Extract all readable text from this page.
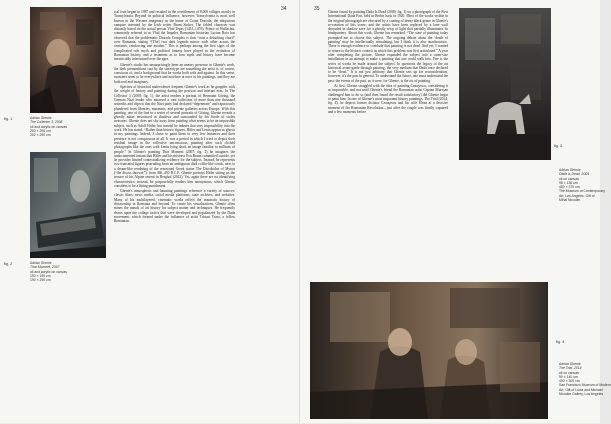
34

ical fruit began in 1987 and resulted in the resettlement of 8,000 villages mostly in Transylvania. Beyond its political influence, however, Transylvania is most well known in the Western imaginary as the home of Count Dracula, the ubiquitous vampire invented by the Irish writer Bram Stoker. The fabled character was distantly based on the actual person Vlad Tepes (1431–1476), Prince of Wallachia, commonly referred to as Vlad the Impaler. Romanian historian Lucian Boia has observed that the problematic Dracula Complex is thus “coin a disturbing chord” over Romania, stating “[The] two dark legends mirror each other across the centuries, reinforcing one another.” This is perhaps among the first signs of the complicated role myth and political fantasy have played in the evolution of Romanian history, and a testament as to how myth and history have become inextricably intertwined over the ages.

Ghenie's studio has unsurprisingly been an uneasy presence in Ghenie's work, the dark premonitions cast by the stereotype are something the artist is, of course, conscious of, and a background that he works both with and against. In this sense, monsters seem to be everywhere and nowhere at once in his paintings, and they are both real and imaginary.

Spectres of historical malevolence frequent Ghenie's work as he grapples with the weight of history and painting during the postwar and internet eras. In The Collector 3 (2008; fig. 1), the artist renders a portrait of Hermann Göring, the German Nazi leader who amassed a vast collection of more than one thousand artworks and objects that the Nazi party had declared “degenerate” and rapaciously plundered from libraries, museums, and private galleries across Europe. With this painting, one of the first in a series of several portraits of Göring, Ghenie reveals a ghostly miser ensconced in shadows and surrounded by his horde of stolen treasures. Ghenie does not shy away from painting what seems to be an impossible subject, such as Adolf Hitler, but instead he imbues that very impossibility into the work. He has stated, “Rather than historic figures, Hitler and Lenin appear as ghosts in my paintings. Indeed, I chose to paint them to very few instances and their presence is not conspicuous at all. It was a period in which I tried to depict their residual image in the collective unconscious, painting after such clichéd photographs like the ones with Lenin lying dead, an image familiar to millions of people.” In Ghenie's painting Thar Moment (2007; fig. 2) he imagines the undocumented instant that Hitler and his mistress Eva Braun committed suicide, yet he provides limited contextualizing evidence for the subject. Instead, he represents two truncated figures protruding from an ambiguous dark coffin-like couch, next to a dream-like rendering of the renowned Greek statue The Discobolus of Myron (“the discus thrower”), from 460–450 B.C.E. Ghenie portrays Hitler sitting on the terrace of his Alpine retreat in Berghof (2012). Yet, again there are no identifying characteristics; instead, he purposefully renders him anonymous, which Ghenie considers to be a fitting punishment.

Ghenie's atmospheric and haunting paintings reference a variety of sources: classic films, news media, social media platforms, state archives, and websites. Many of his multilayered, cinematic works reflect the traumatic history of dictatorship in Romania and beyond. To create his visualizations, Ghenie often mines the annals of art history for subject matter and techniques. He frequently draws upon the collage tactics that were developed and popularized by the Dada movement, which formed under the influence of artist Tristan Tzara, a fellow Romanian.

fig. 1	Adrian Ghenie
The Collector 3, 2008
oil and acrylic on canvas
200 × 290 cm
202 × 290 cm
fig. 2	Adrian Ghenie
Thar Moment, 2007
oil and acrylic on canvas
190 × 190 cm
190 × 290 cm
35 Ghenie found by painting Dada Is Dead (2009; fig. 3) on a photograph of the First International Dada Fair, held in Berlin back in 1920. Most of the works visible in the original photograph are obscured by a coating of dense black grime in Ghenie's re-creation of this scene, and the artists have been replaced by a lone wolf shrouded in shadow save for a ghostly wisp of light that partially illuminates its hindquarters. About this work, Ghenie has remarked, “The state of painting today prompted me to choose this subject. The ongoing debate about the ‘death of painting’ may be intellectually stimulating, but I think it is also anachronistic. There is enough evidence to conclude that painting is not dead. And yet, I wanted to return to the historic context in which this problem was first articulated.” A year after completing the picture, Ghenie expanded the subject into a room-size installation in an attempt to make a painting that one could walk into. Fire is the series of works he made around the subject. In questions the legacy of the art historical avant-garde through painting, the very medium that Dada once declared to be “dead.” It is not just arbitrary that Ghenie sets up for reconsideration, however, it's the past in general. To understand the future, one must understand the past; the events of the past, as it were, for Ghenie, is the act of painting.

At first, Ghenie struggled with the idea of painting Ceauşescu, considering it as impossible, and not until Ghenie's friend the Romanian artist Ciprian Mureşan challenged him to do so (and then found the result satisfactory) did Ghenie begin to paint him. In one of Ghenie's most important history paintings, The Trial (2014; fig. 4), he depicts former dictator Ceauşescu and his wife Elena at a decisive moment of the Romanian Revolution—just after the couple was finally captured and a few moments before

fig. 3
Adrian Ghenie
Dada is Dead, 2009
oil on canvas
98 × 136 cm
450 × 370 cm
The Museum of Contemporary
Art, Los Angeles. Gift of
Mihai Nicodim
fig. 4
Adrian Ghenie
The Trial, 2014
oil on canvas
90 × 140 cm
400 × 300 cm
San Francisco Museum of Modern
Art, Gift of Lucia and Michael
Nicodim Gallery, Los Angeles
